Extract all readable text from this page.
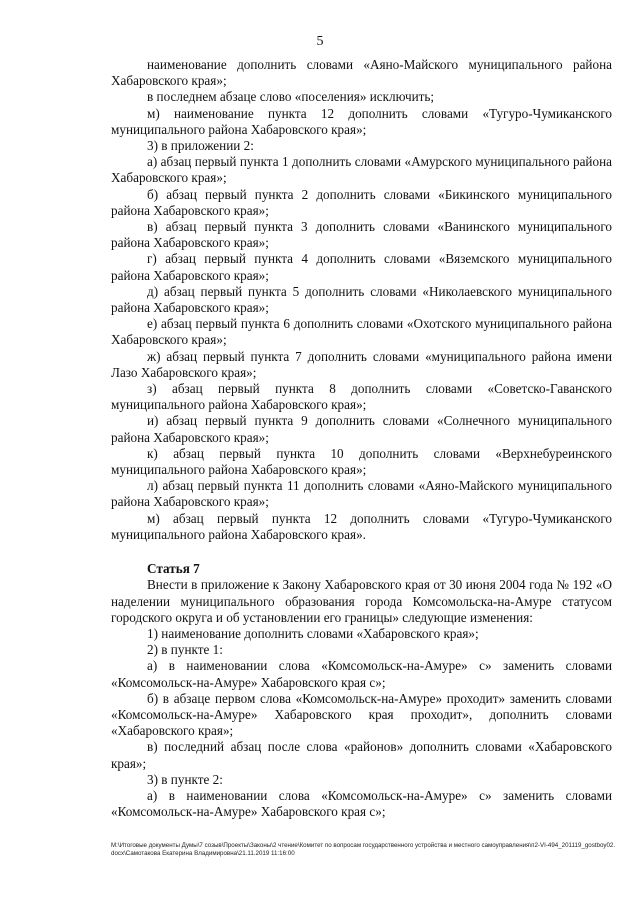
5

наименование дополнить словами «Аяно-Майского муниципального района Хабаровского края»;

в последнем абзаце слово «поселения» исключить;

м) наименование пункта 12 дополнить словами «Тугуро-Чумиканского муниципального района Хабаровского края»;

3) в приложении 2:

а) абзац первый пункта 1 дополнить словами «Амурского муниципального района Хабаровского края»;

б) абзац первый пункта 2 дополнить словами «Бикинского муниципального района Хабаровского края»;

в) абзац первый пункта 3 дополнить словами «Ванинского муниципального района Хабаровского края»;

г) абзац первый пункта 4 дополнить словами «Вяземского муниципального района Хабаровского края»;

д) абзац первый пункта 5 дополнить словами «Николаевского муниципального района Хабаровского края»;

е) абзац первый пункта 6 дополнить словами «Охотского муниципального района Хабаровского края»;

ж) абзац первый пункта 7 дополнить словами «муниципального района имени Лазо Хабаровского края»;

з) абзац первый пункта 8 дополнить словами «Советско-Гаванского муниципального района Хабаровского края»;

и) абзац первый пункта 9 дополнить словами «Солнечного муниципального района Хабаровского края»;

к) абзац первый пункта 10 дополнить словами «Верхнебуреинского муниципального района Хабаровского края»;

л) абзац первый пункта 11 дополнить словами «Аяно-Майского муниципального района Хабаровского края»;

м) абзац первый пункта 12 дополнить словами «Тугуро-Чумиканского муниципального района Хабаровского края».

Статья 7

Внести в приложение к Закону Хабаровского края от 30 июня 2004 года № 192 «О наделении муниципального образования города Комсомольска-на-Амуре статусом городского округа и об установлении его границы» следующие изменения:

1) наименование дополнить словами «Хабаровского края»;

2) в пункте 1:

а) в наименовании слова «Комсомольск-на-Амуре» с» заменить словами «Комсомольск-на-Амуре» Хабаровского края с»;

б) в абзаце первом слова «Комсомольск-на-Амуре» проходит» заменить словами «Комсомольск-на-Амуре» Хабаровского края проходит», дополнить словами «Хабаровского края»;

в) последний абзац после слова «районов» дополнить словами «Хабаровского края»;

3) в пункте 2:

а) в наименовании слова «Комсомольск-на-Амуре» с» заменить словами «Комсомольск-на-Амуре» Хабаровского края с»;

M:\Итоговые документы Думы\7 созыв\Проекты\Законы\2 чтение\Комитет по вопросам государственного устройства и местного самоуправления\п2-VI-494_201119_gostboy02.docx\Самотакова Екатерина Владимировна\21.11.2019 11:16:00
